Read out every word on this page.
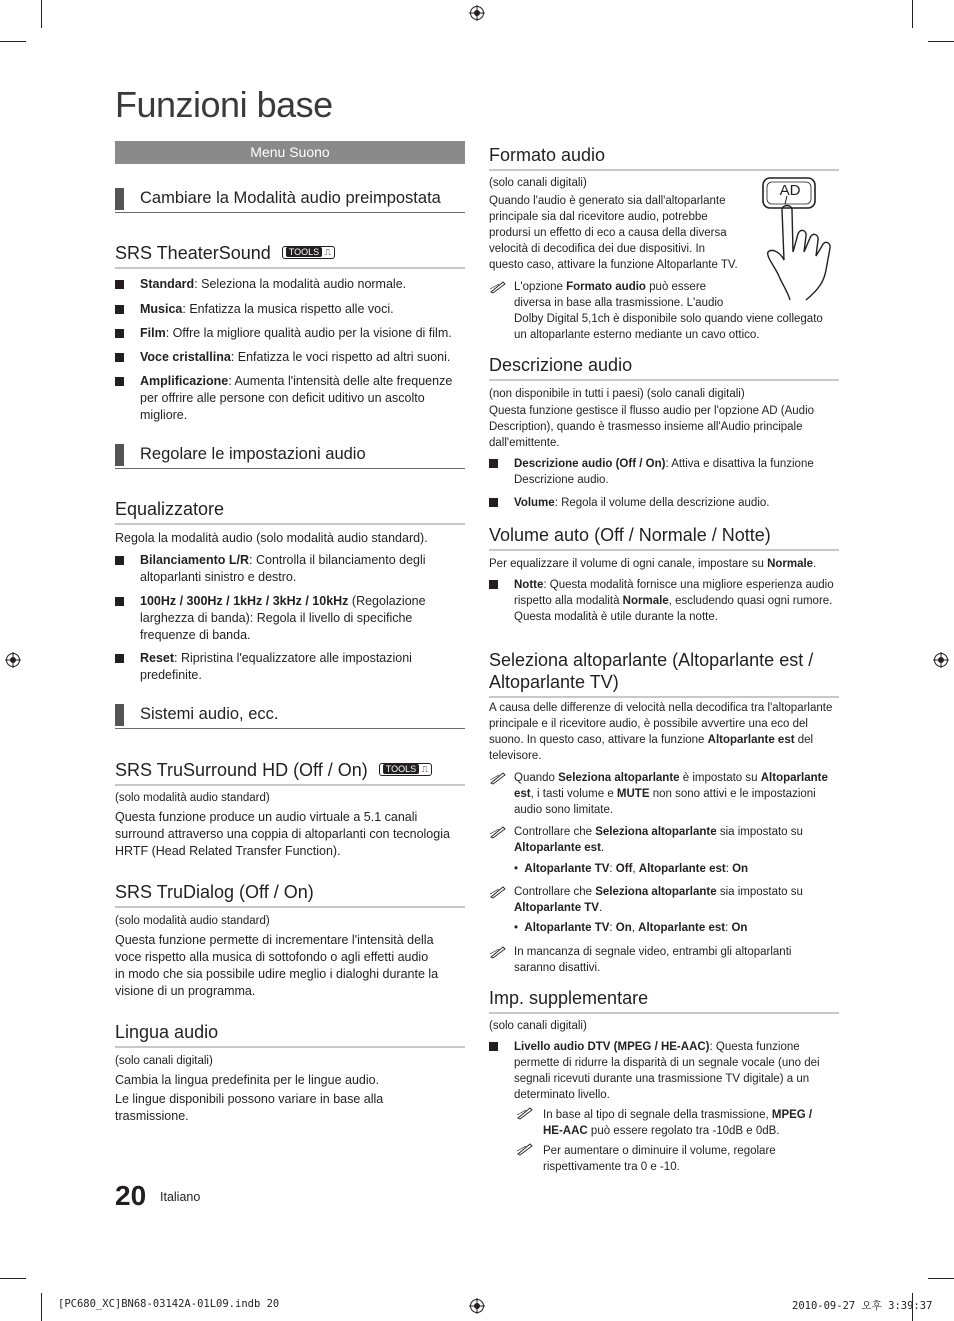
Funzioni base
Menu Suono
Cambiare la Modalità audio preimpostata
SRS TheaterSound TOOLS ⎍
Standard: Seleziona la modalità audio normale.
Musica: Enfatizza la musica rispetto alle voci.
Film: Offre la migliore qualità audio per la visione di film.
Voce cristallina: Enfatizza le voci rispetto ad altri suoni.
Amplificazione: Aumenta l'intensità delle alte frequenze
per offrire alle persone con deficit uditivo un ascolto
migliore.
Regolare le impostazioni audio
Equalizzatore
Regola la modalità audio (solo modalità audio standard).
Bilanciamento L/R: Controlla il bilanciamento degli
altoparlanti sinistro e destro.
100Hz / 300Hz / 1kHz / 3kHz / 10kHz (Regolazione
larghezza di banda): Regola il livello di specifiche
frequenze di banda.
Reset: Ripristina l'equalizzatore alle impostazioni
predefinite.
Sistemi audio, ecc.
SRS TruSurround HD (Off / On) TOOLS ⎍
(solo modalità audio standard)
Questa funzione produce un audio virtuale a 5.1 canali
surround attraverso una coppia di altoparlanti con tecnologia
HRTF (Head Related Transfer Function).
SRS TruDialog (Off / On)
(solo modalità audio standard)
Questa funzione permette di incrementare l'intensità della
voce rispetto alla musica di sottofondo o agli effetti audio
in modo che sia possibile udire meglio i dialoghi durante la
visione di un programma.
Lingua audio
(solo canali digitali)
Cambia la lingua predefinita per le lingue audio.
Le lingue disponibili possono variare in base alla
trasmissione.
Formato audio
(solo canali digitali)
Quando l'audio è generato sia dall'altoparlante
principale sia dal ricevitore audio, potrebbe
prodursi un effetto di eco a causa della diversa
velocità di decodifica dei due dispositivi. In
questo caso, attivare la funzione Altoparlante TV.
AD
L'opzione Formato audio può essere
diversa in base alla trasmissione. L'audio
Dolby Digital 5,1ch è disponibile solo quando viene collegato
un altoparlante esterno mediante un cavo ottico.
Descrizione audio
(non disponibile in tutti i paesi) (solo canali digitali)
Questa funzione gestisce il flusso audio per l'opzione AD (Audio
Description), quando è trasmesso insieme all'Audio principale
dall'emittente.
Descrizione audio (Off / On): Attiva e disattiva la funzione
Descrizione audio.
Volume: Regola il volume della descrizione audio.
Volume auto (Off / Normale / Notte)
Per equalizzare il volume di ogni canale, impostare su Normale.
Notte: Questa modalità fornisce una migliore esperienza audio
rispetto alla modalità Normale, escludendo quasi ogni rumore.
Questa modalità è utile durante la notte.
Seleziona altoparlante (Altoparlante est /
Altoparlante TV)
A causa delle differenze di velocità nella decodifica tra l'altoparlante
principale e il ricevitore audio, è possibile avvertire una eco del
suono. In questo caso, attivare la funzione Altoparlante est del
televisore.
Quando Seleziona altoparlante è impostato su Altoparlante
est, i tasti volume e MUTE non sono attivi e le impostazioni
audio sono limitate.
Controllare che Seleziona altoparlante sia impostato su
Altoparlante est.
•  Altoparlante TV: Off, Altoparlante est: On
Controllare che Seleziona altoparlante sia impostato su
Altoparlante TV.
•  Altoparlante TV: On, Altoparlante est: On
In mancanza di segnale video, entrambi gli altoparlanti
saranno disattivi.
Imp. supplementare
(solo canali digitali)
Livello audio DTV (MPEG / HE-AAC): Questa funzione
permette di ridurre la disparità di un segnale vocale (uno dei
segnali ricevuti durante una trasmissione TV digitale) a un
determinato livello.
In base al tipo di segnale della trasmissione, MPEG /
HE-AAC può essere regolato tra -10dB e 0dB.
Per aumentare o diminuire il volume, regolare
rispettivamente tra 0 e -10.
20 Italiano
[PC680_XC]BN68-03142A-01L09.indb 20	2010-09-27 오후 3:39:37
